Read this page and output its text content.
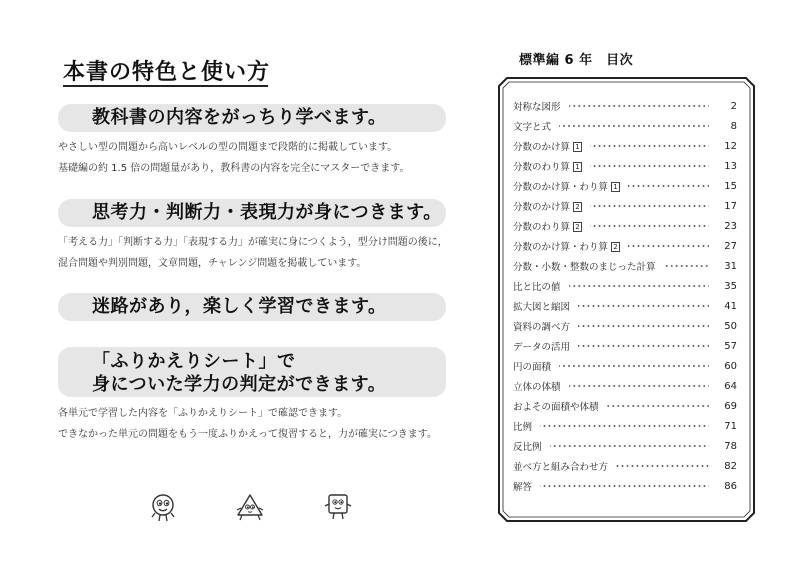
本書の特色と使い方
教科書の内容をがっちり学べます。
やさしい型の問題から高いレベルの型の問題まで段階的に掲載しています。
基礎編の約 1.5 倍の問題量があり，教科書の内容を完全にマスターできます。
思考力・判断力・表現力が身につきます。
「考える力」「判断する力」「表現する力」が確実に身につくよう，型分け問題の後に，
混合問題や判別問題，文章問題，チャレンジ問題を掲載しています。
迷路があり，楽しく学習できます。
「ふりかえりシート」で
身についた学力の判定ができます。
各単元で学習した内容を「ふりかえりシート」で確認できます。
できなかった単元の問題をもう一度ふりかえって復習すると，力が確実につきます。
標準編 6 年　目次
対称な図形	2
文字と式	8
分数のかけ算 1	12
分数のわり算 1	13
分数のかけ算・わり算 1	15
分数のかけ算 2	17
分数のわり算 2	23
分数のかけ算・わり算 2	27
分数・小数・整数のまじった計算	31
比と比の値	35
拡大図と縮図	41
資料の調べ方	50
データの活用	57
円の面積	60
立体の体積	64
およその面積や体積	69
比例	71
反比例	78
並べ方と組み合わせ方	82
解答	86
